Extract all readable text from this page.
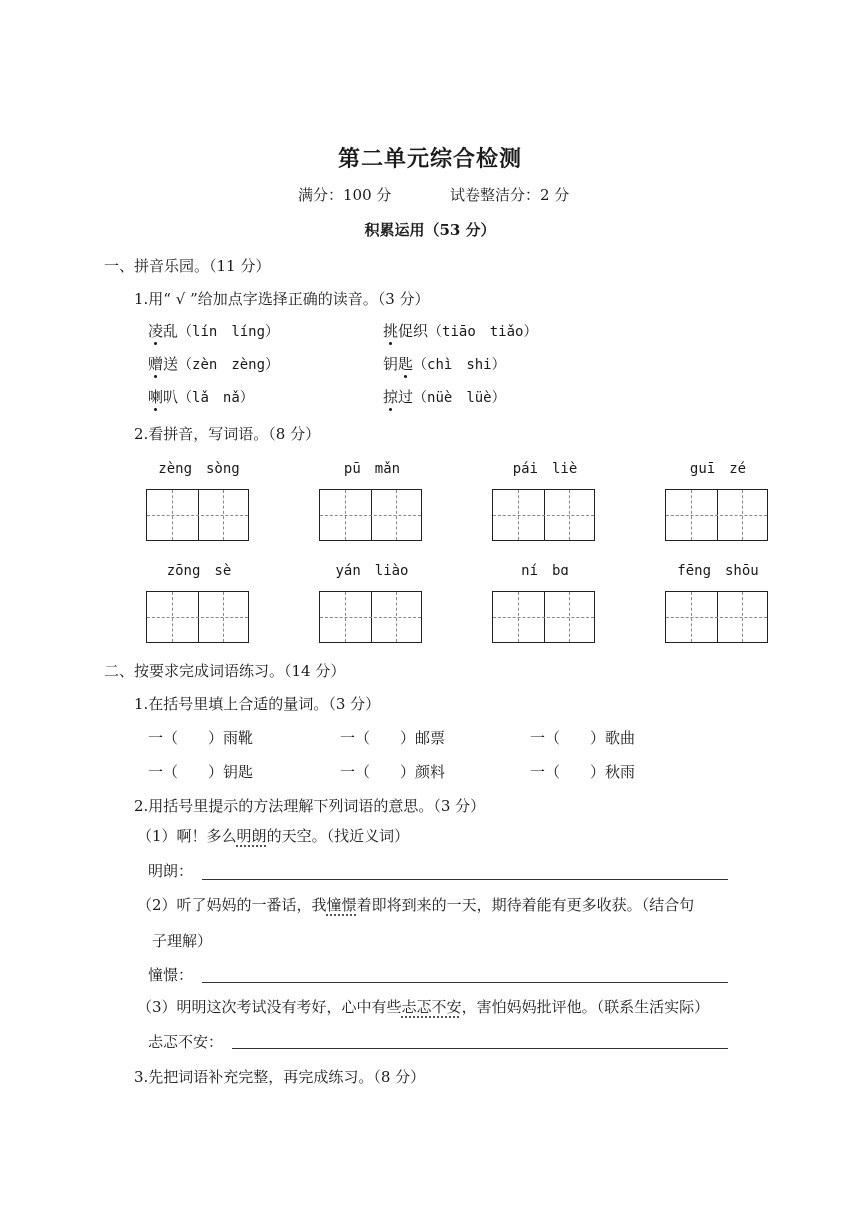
第二单元综合检测
满分：100 分	试卷整洁分：2 分
积累运用（53 分）
一、拼音乐园。（11 分）
1.用“ √ ”给加点字选择正确的读音。（3 分）
凌乱（lín　líng）	挑促织（tiāo　tiǎo）
赠送（zèn　zèng）	钥匙（chì　shi）
喇叭（lǎ　nǎ）	掠过（nüè　lüè）
2.看拼音，写词语。（8 分）
zèng　sòng	pū　mǎn	pái　liè	guī　zé
zōng　sè	yán　liào	ní　bɑ	fēng　shōu
二、按要求完成词语练习。（14 分）
1.在括号里填上合适的量词。（3 分）
一（　　）雨靴	一（　　）邮票	一（　　）歌曲
一（　　）钥匙	一（　　）颜料	一（　　）秋雨
2.用括号里提示的方法理解下列词语的意思。（3 分）
（1）啊！多么明朗的天空。（找近义词）
明朗：
（2）听了妈妈的一番话，我憧憬着即将到来的一天，期待着能有更多收获。（结合句
子理解）
憧憬：
（3）明明这次考试没有考好，心中有些忐忑不安，害怕妈妈批评他。（联系生活实际）
忐忑不安：
3.先把词语补充完整，再完成练习。（8 分）
